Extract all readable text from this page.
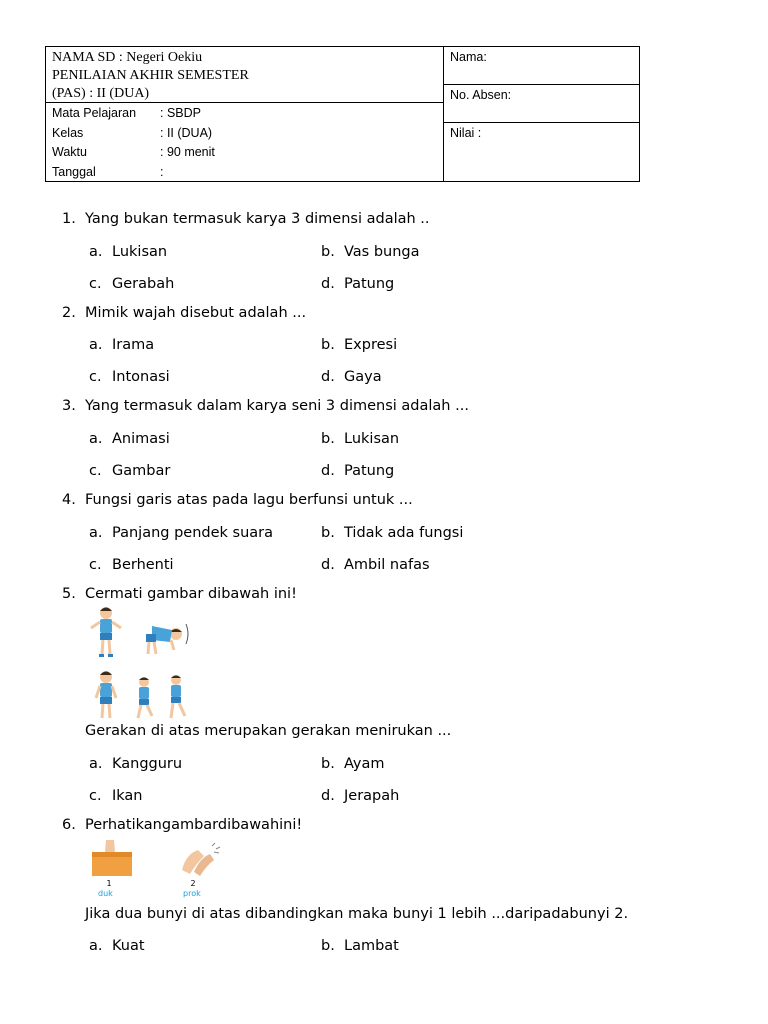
NAMA SD : Negeri Oekiu
PENILAIAN AKHIR SEMESTER
(PAS) : II (DUA)
Mata Pelajaran : SBDP
Kelas	: II (DUA)
Waktu	: 90 menit
Tanggal	:
Nama:
No. Absen:
Nilai :
1. Yang bukan termasuk karya 3 dimensi adalah ..
a. Lukisan	b. Vas bunga
c. Gerabah	d. Patung
2. Mimik wajah disebut adalah ...
a. Irama	b. Expresi
c. Intonasi	d. Gaya
3. Yang termasuk dalam karya seni 3 dimensi adalah ...
a. Animasi	b. Lukisan
c. Gambar	d. Patung
4. Fungsi garis atas pada lagu berfunsi untuk ...
a. Panjang pendek suara	b. Tidak ada fungsi
c. Berhenti	d. Ambil nafas
5. Cermati gambar dibawah ini!
Gerakan di atas merupakan gerakan menirukan ...
a. Kangguru	b. Ayam
c. Ikan	d. Jerapah
6. Perhatikangambardibawahini!
1
duk
2
prok
Jika dua bunyi di atas dibandingkan maka bunyi 1 lebih ...daripadabunyi 2.
a. Kuat	b. Lambat
